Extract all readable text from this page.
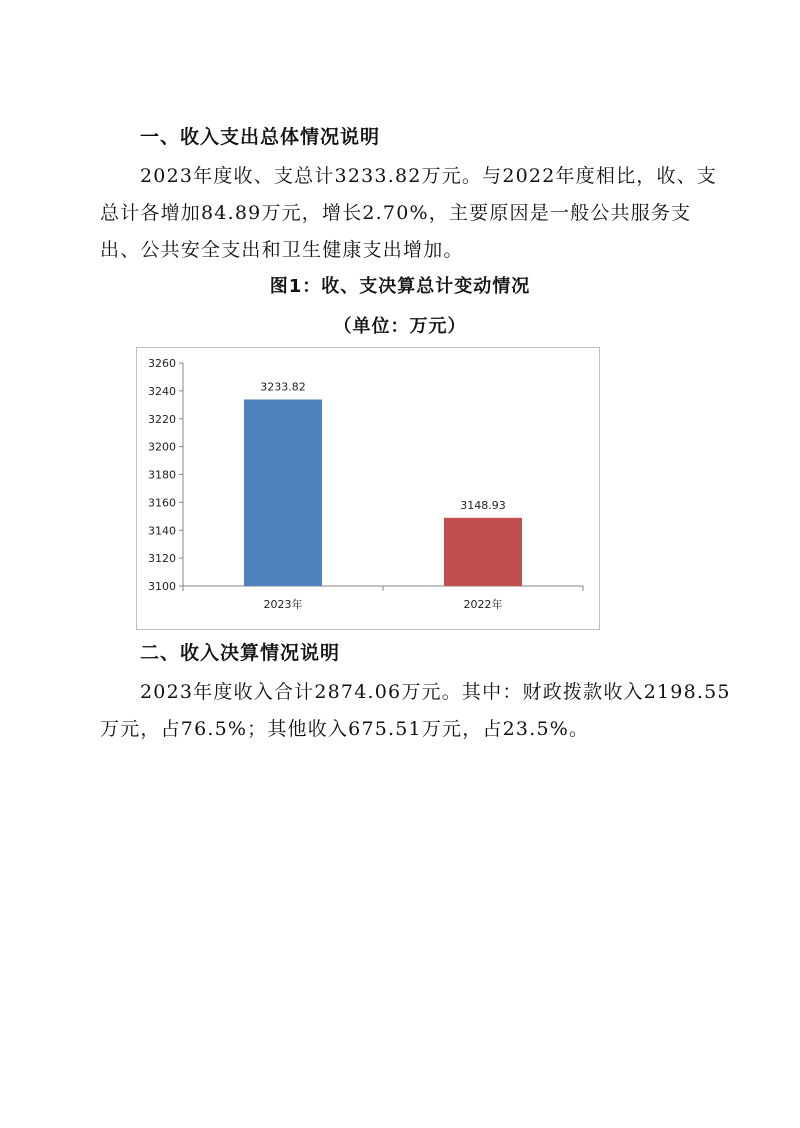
一、收入支出总体情况说明
2023年度收、支总计3233.82万元。与2022年度相比，收、支
总计各增加84.89万元，增长2.70%，主要原因是一般公共服务支
出、公共安全支出和卫生健康支出增加。
图1：收、支决算总计变动情况
（单位：万元）
3100
3120
3140
3160
3180
3200
3220
3240
3260
3233.82
2023年
3148.93
2022年
二、收入决算情况说明
2023年度收入合计2874.06万元。其中：财政拨款收入2198.55
万元，占76.5%；其他收入675.51万元，占23.5%。
